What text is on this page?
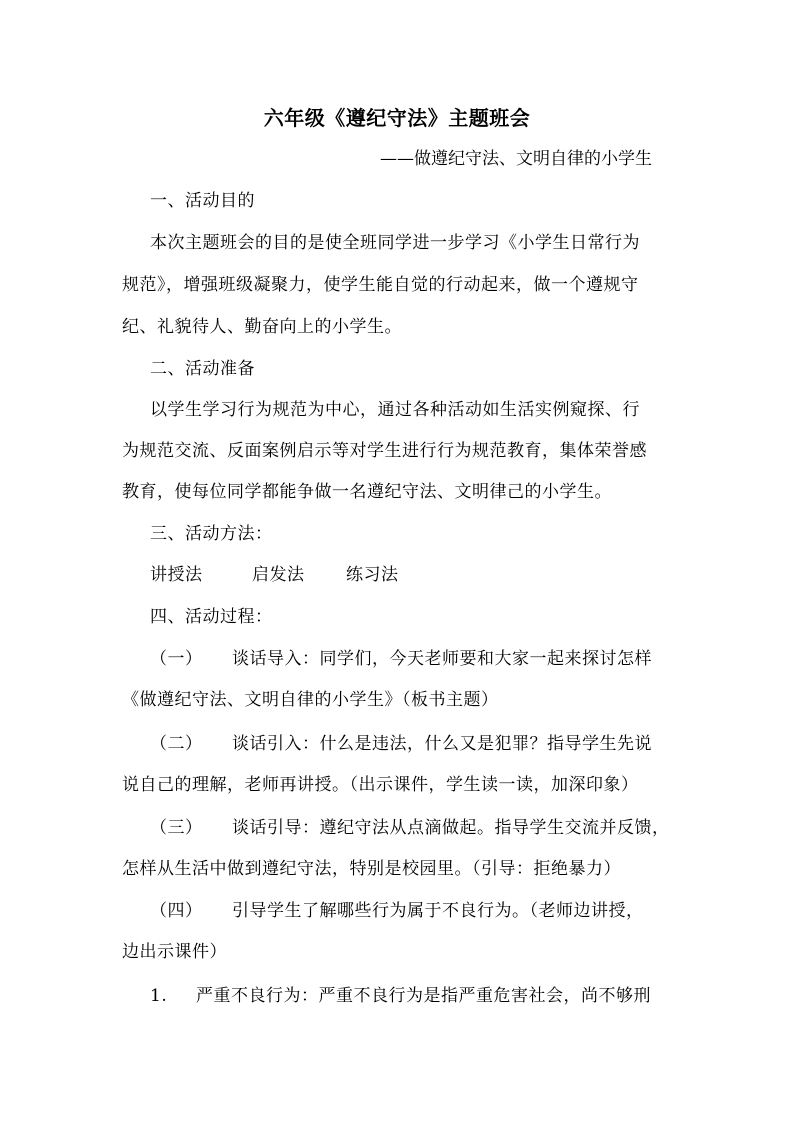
六年级《遵纪守法》主题班会
——做遵纪守法、文明自律的小学生
一、活动目的
本次主题班会的目的是使全班同学进一步学习《小学生日常行为
规范》，增强班级凝聚力，使学生能自觉的行动起来，做一个遵规守
纪、礼貌待人、勤奋向上的小学生。
二、活动准备
以学生学习行为规范为中心，通过各种活动如生活实例窥探、行
为规范交流、反面案例启示等对学生进行行为规范教育，集体荣誉感
教育，使每位同学都能争做一名遵纪守法、文明律己的小学生。
三、活动方法：
讲授法	启发法 练习法
四、活动过程：
（一） 谈话导入：同学们，今天老师要和大家一起来探讨怎样
《做遵纪守法、文明自律的小学生》（板书主题）
（二） 谈话引入：什么是违法，什么又是犯罪？指导学生先说
说自己的理解，老师再讲授。（出示课件，学生读一读，加深印象）
（三） 谈话引导：遵纪守法从点滴做起。指导学生交流并反馈，
怎样从生活中做到遵纪守法，特别是校园里。（引导：拒绝暴力）
（四） 引导学生了解哪些行为属于不良行为。（老师边讲授，
边出示课件）
1. 严重不良行为：严重不良行为是指严重危害社会，尚不够刑
